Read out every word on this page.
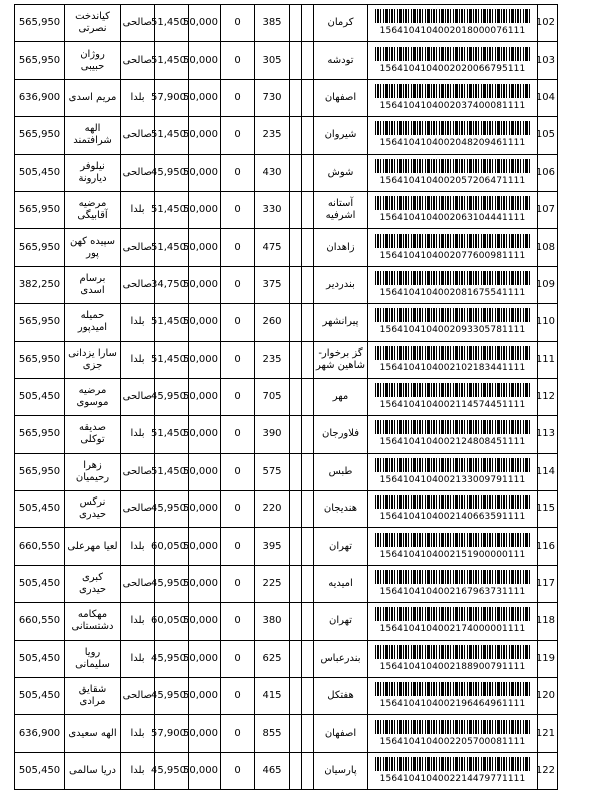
102	1564104104002018000076111	کرمان			385	0	50,000	51,450	صالحی	کیاندخت نصرتی	565,950
103	1564104104002020066795111	تودشه			305	0	50,000	51,450	صالحی	روژان حبیبی	565,950
104	1564104104002037400081111	اصفهان			730	0	50,000	57,900	بلدا	مریم اسدی	636,900
105	1564104104002048209461111	شیروان			235	0	50,000	51,450	صالحی	الهه شرافتمند	565,950
106	1564104104002057206471111	شوش			430	0	50,000	45,950	صالحی	نیلوفر دیارونة	505,450
107	1564104104002063104441111	آستانه اشرفیه			330	0	50,000	51,450	بلدا	مرضیه آقابیگی	565,950
108	1564104104002077600981111	زاهدان			475	0	50,000	51,450	صالحی	سپیده کهن پور	565,950
109	1564104104002081675541111	بندردیر			375	0	50,000	34,750	صالحی	برسام اسدی	382,250
110	1564104104002093305781111	پیرانشهر			260	0	50,000	51,450	بلدا	حمیله امیدپور	565,950
111	1564104104002102183441111	گز برخوار- شاهین شهر			235	0	50,000	51,450	بلدا	سارا یزدانی جزی	565,950
112	1564104104002114574451111	مهر			705	0	50,000	45,950	صالحی	مرضیه موسوی	505,450
113	1564104104002124808451111	فلاورجان			390	0	50,000	51,450	بلدا	صدیقه توکلی	565,950
114	1564104104002133009791111	طبس			575	0	50,000	51,450	صالحی	زهرا رحیمیان	565,950
115	1564104104002140663591111	هندیجان			220	0	50,000	45,950	صالحی	نرگس حیدری	505,450
116	1564104104002151900000111	تهران			395	0	50,000	60,050	بلدا	لعیا مهرعلی	660,550
117	1564104104002167963731111	امیدیه			225	0	50,000	45,950	صالحی	کبری حیدری	505,450
118	1564104104002174000001111	تهران			380	0	50,000	60,050	بلدا	مهکامه دشتستانی	660,550
119	1564104104002188900791111	بندرعباس			625	0	50,000	45,950	بلدا	رویا سلیمانی	505,450
120	1564104104002196464961111	هفتکل			415	0	50,000	45,950	صالحی	شقایق مرادی	505,450
121	1564104104002205700081111	اصفهان			855	0	50,000	57,900	بلدا	الهه سعیدی	636,900
122	1564104104002214479771111	پارسیان			465	0	50,000	45,950	بلدا	دریا سالمی	505,450
